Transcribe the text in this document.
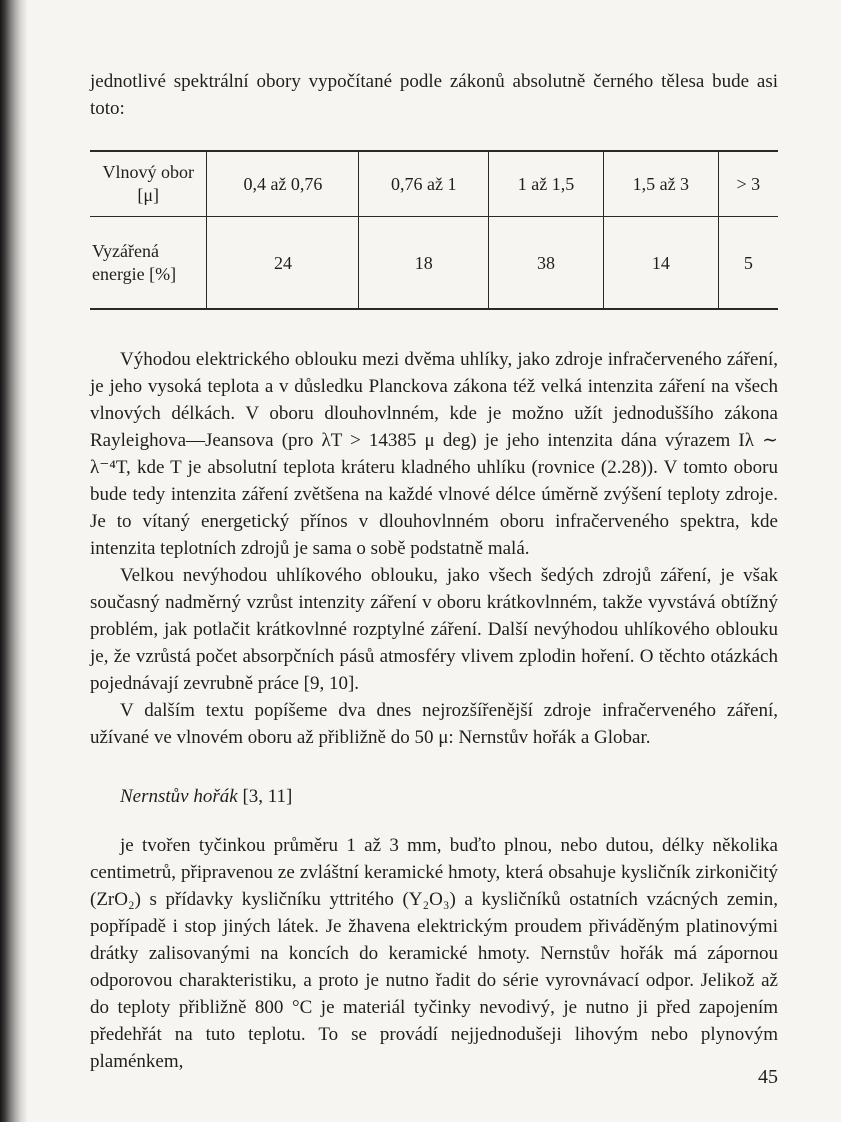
jednotlivé spektrální obory vypočítané podle zákonů absolutně černého tělesa bude asi toto:

Vlnový obor [μ]	0,4 až 0,76	0,76 až 1	1 až 1,5	1,5 až 3	> 3
Vyzářená energie [%]	24	18	38	14	5

Výhodou elektrického oblouku mezi dvěma uhlíky, jako zdroje infračerveného záření, je jeho vysoká teplota a v důsledku Planckova zákona též velká intenzita záření na všech vlnových délkách. V oboru dlouhovlnném, kde je možno užít jednoduššího zákona Rayleighova—Jeansova (pro λT > 14385 μ deg) je jeho intenzita dána výrazem Iλ ∼ λ⁻⁴T, kde T je absolutní teplota kráteru kladného uhlíku (rovnice (2.28)). V tomto oboru bude tedy intenzita záření zvětšena na každé vlnové délce úměrně zvýšení teploty zdroje. Je to vítaný energetický přínos v dlouhovlnném oboru infračerveného spektra, kde intenzita teplotních zdrojů je sama o sobě podstatně malá.

Velkou nevýhodou uhlíkového oblouku, jako všech šedých zdrojů záření, je však současný nadměrný vzrůst intenzity záření v oboru krátkovlnném, takže vyvstává obtížný problém, jak potlačit krátkovlnné rozptylné záření. Další nevýhodou uhlíkového oblouku je, že vzrůstá počet absorpčních pásů atmosféry vlivem zplodin hoření. O těchto otázkách pojednávají zevrubně práce [9, 10].

V dalším textu popíšeme dva dnes nejrozšířenější zdroje infračerveného záření, užívané ve vlnovém oboru až přibližně do 50 μ: Nernstův hořák a Globar.

Nernstův hořák [3, 11]

je tvořen tyčinkou průměru 1 až 3 mm, buďto plnou, nebo dutou, délky několika centimetrů, připravenou ze zvláštní keramické hmoty, která obsahuje kysličník zirkoničitý (ZrO₂) s přídavky kysličníku yttritého (Y₂O₃) a kysličníků ostatních vzácných zemin, popřípadě i stop jiných látek. Je žhavena elektrickým proudem přiváděným platinovými drátky zalisovanými na koncích do keramické hmoty. Nernstův hořák má zápornou odporovou charakteristiku, a proto je nutno řadit do série vyrovnávací odpor. Jelikož až do teploty přibližně 800 °C je materiál tyčinky nevodivý, je nutno ji před zapojením předehřát na tuto teplotu. To se provádí nejjednodušeji lihovým nebo plynovým plaménkem,

45
